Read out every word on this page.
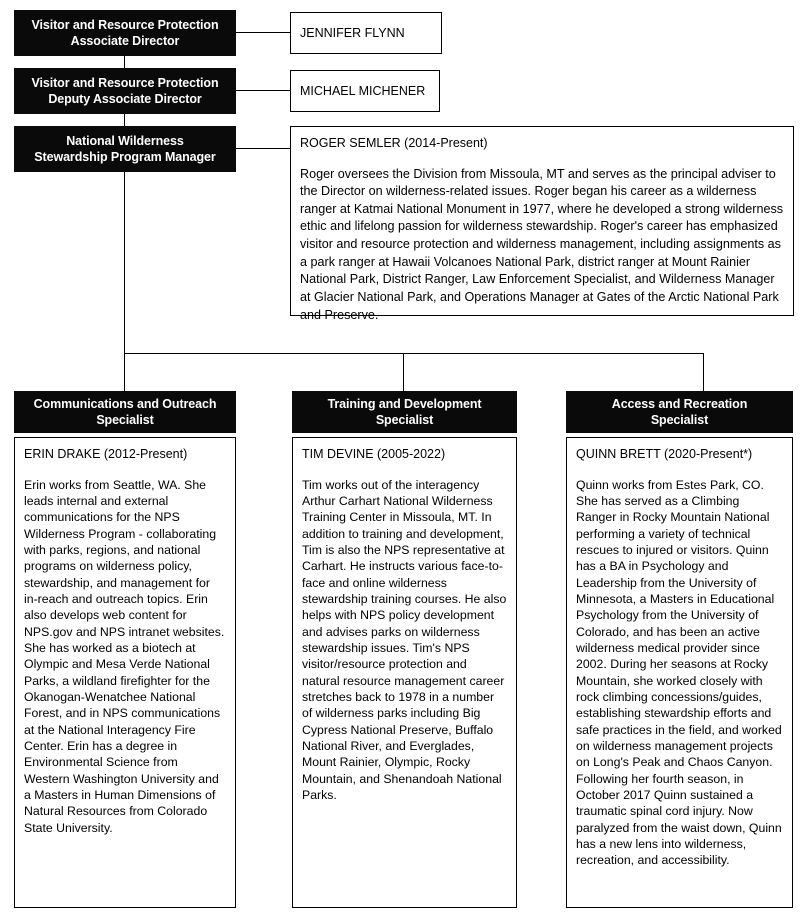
Visitor and Resource Protection
Associate Director
JENNIFER FLYNN
Visitor and Resource Protection
Deputy Associate Director
MICHAEL MICHENER
National Wilderness
Stewardship Program Manager

ROGER SEMLER (2014-Present)

Roger oversees the Division from Missoula, MT and serves as the principal adviser to the Director on wilderness-related issues. Roger began his career as a wilderness ranger at Katmai National Monument in 1977, where he developed a strong wilderness ethic and lifelong passion for wilderness stewardship. Roger's career has emphasized visitor and resource protection and wilderness management, including assignments as a park ranger at Hawaii Volcanoes National Park, district ranger at Mount Rainier National Park, District Ranger, Law Enforcement Specialist, and Wilderness Manager at Glacier National Park, and Operations Manager at Gates of the Arctic National Park and Preserve.

Communications and Outreach
Specialist

ERIN DRAKE (2012-Present)

Erin works from Seattle, WA. She leads internal and external communications for the NPS Wilderness Program - collaborating with parks, regions, and national programs on wilderness policy, stewardship, and management for in-reach and outreach topics. Erin also develops web content for NPS.gov and NPS intranet websites. She has worked as a biotech at Olympic and Mesa Verde National Parks, a wildland firefighter for the Okanogan-Wenatchee National Forest, and in NPS communications at the National Interagency Fire Center. Erin has a degree in Environmental Science from Western Washington University and a Masters in Human Dimensions of Natural Resources from Colorado State University.

Training and Development
Specialist

TIM DEVINE (2005-2022)

Tim works out of the interagency Arthur Carhart National Wilderness Training Center in Missoula, MT. In addition to training and development, Tim is also the NPS representative at Carhart. He instructs various face-to-face and online wilderness stewardship training courses. He also helps with NPS policy development and advises parks on wilderness stewardship issues. Tim's NPS visitor/resource protection and natural resource management career stretches back to 1978 in a number of wilderness parks including Big Cypress National Preserve, Buffalo National River, and Everglades, Mount Rainier, Olympic, Rocky Mountain, and Shenandoah National Parks.

Access and Recreation
Specialist

QUINN BRETT (2020-Present*)

Quinn works from Estes Park, CO. She has served as a Climbing Ranger in Rocky Mountain National performing a variety of technical rescues to injured or visitors. Quinn has a BA in Psychology and Leadership from the University of Minnesota, a Masters in Educational Psychology from the University of Colorado, and has been an active wilderness medical provider since 2002. During her seasons at Rocky Mountain, she worked closely with rock climbing concessions/guides, establishing stewardship efforts and safe practices in the field, and worked on wilderness management projects on Long's Peak and Chaos Canyon. Following her fourth season, in October 2017 Quinn sustained a traumatic spinal cord injury. Now paralyzed from the waist down, Quinn has a new lens into wilderness, recreation, and accessibility.
